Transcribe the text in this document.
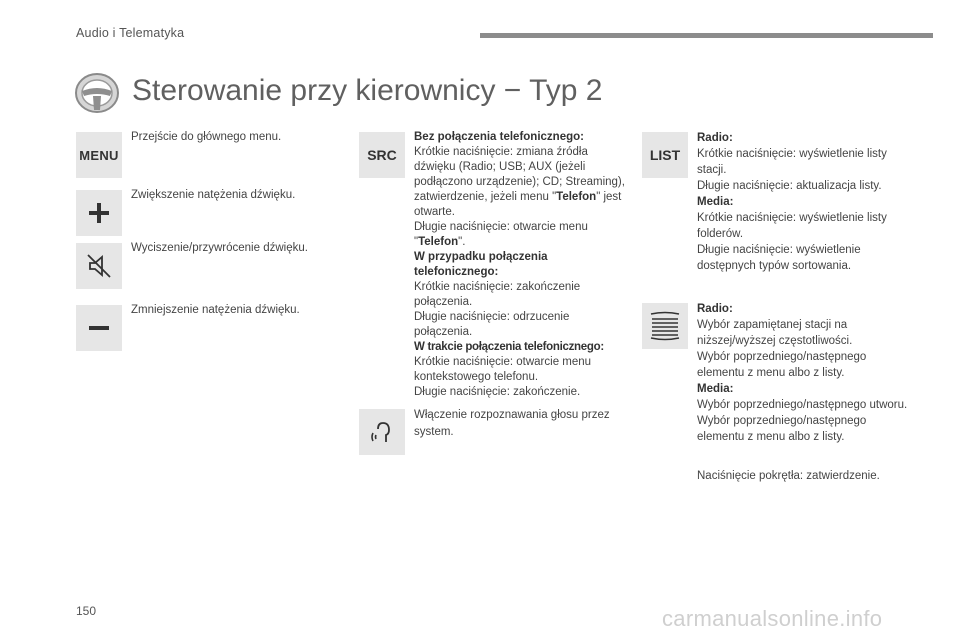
Audio i Telematyka
Sterowanie przy kierownicy − Typ 2
MENU
Przejście do głównego menu.
Zwiększenie natężenia dźwięku.
Wyciszenie/przywrócenie dźwięku.
Zmniejszenie natężenia dźwięku.
SRC
Bez połączenia telefonicznego:
Krótkie naciśnięcie: zmiana źródła dźwięku (Radio; USB; AUX (jeżeli podłączono urządzenie); CD; Streaming), zatwierdzenie, jeżeli menu "Telefon" jest otwarte.
Długie naciśnięcie: otwarcie menu "Telefon".
W przypadku połączenia telefonicznego:
Krótkie naciśnięcie: zakończenie połączenia.
Długie naciśnięcie: odrzucenie połączenia.
W trakcie połączenia telefonicznego:
Krótkie naciśnięcie: otwarcie menu kontekstowego telefonu.
Długie naciśnięcie: zakończenie.
Włączenie rozpoznawania głosu przez system.
LIST
Radio:
Krótkie naciśnięcie: wyświetlenie listy stacji.
Długie naciśnięcie: aktualizacja listy.
Media:
Krótkie naciśnięcie: wyświetlenie listy folderów.
Długie naciśnięcie: wyświetlenie dostępnych typów sortowania.
Radio:
Wybór zapamiętanej stacji na niższej/wyższej częstotliwości.
Wybór poprzedniego/następnego elementu z menu albo z listy.
Media:
Wybór poprzedniego/następnego utworu.
Wybór poprzedniego/następnego elementu z menu albo z listy.
Naciśnięcie pokrętła: zatwierdzenie.
150	carmanualsonline.info
